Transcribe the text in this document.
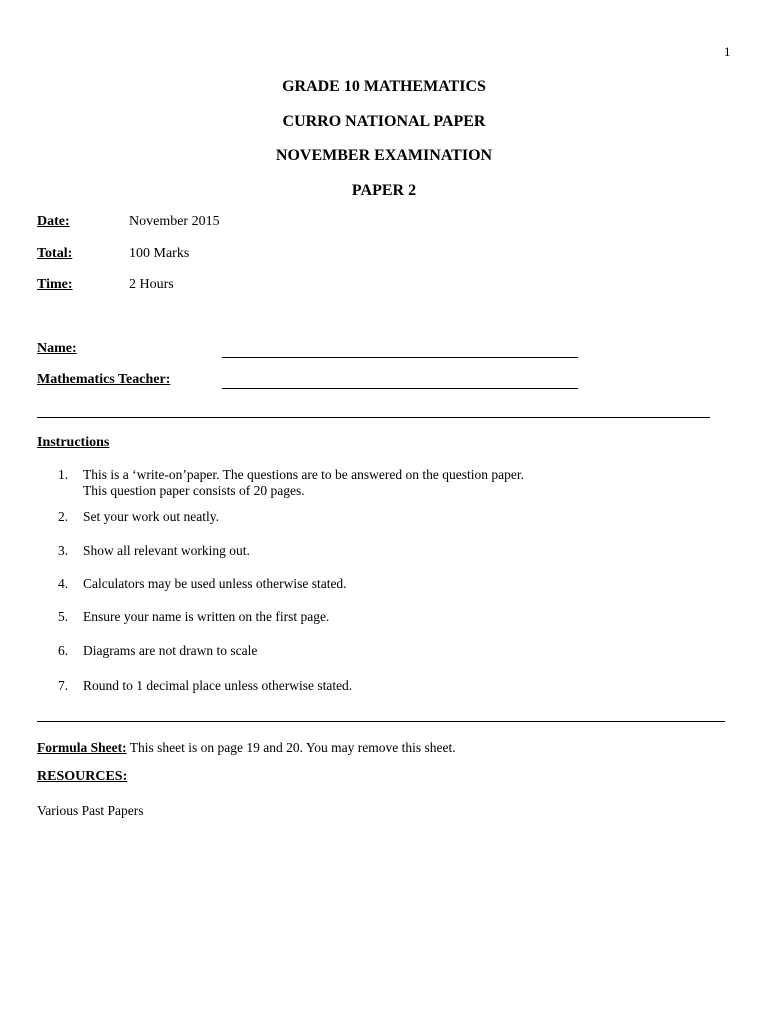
1
GRADE 10 MATHEMATICS
CURRO NATIONAL PAPER
NOVEMBER EXAMINATION
PAPER 2
Date:	November 2015
Total:	100 Marks
Time:	2 Hours
Name:
Mathematics Teacher:
Instructions
1.	This is a ‘write-on’paper. The questions are to be answered on the question paper.
This question paper consists of 20 pages.
2.	Set your work out neatly.
3.	Show all relevant working out.
4.	Calculators may be used unless otherwise stated.
5.	Ensure your name is written on the first page.
6.	Diagrams are not drawn to scale
7.	Round to 1 decimal place unless otherwise stated.
Formula Sheet: This sheet is on page 19 and 20. You may remove this sheet.
RESOURCES:
Various Past Papers
